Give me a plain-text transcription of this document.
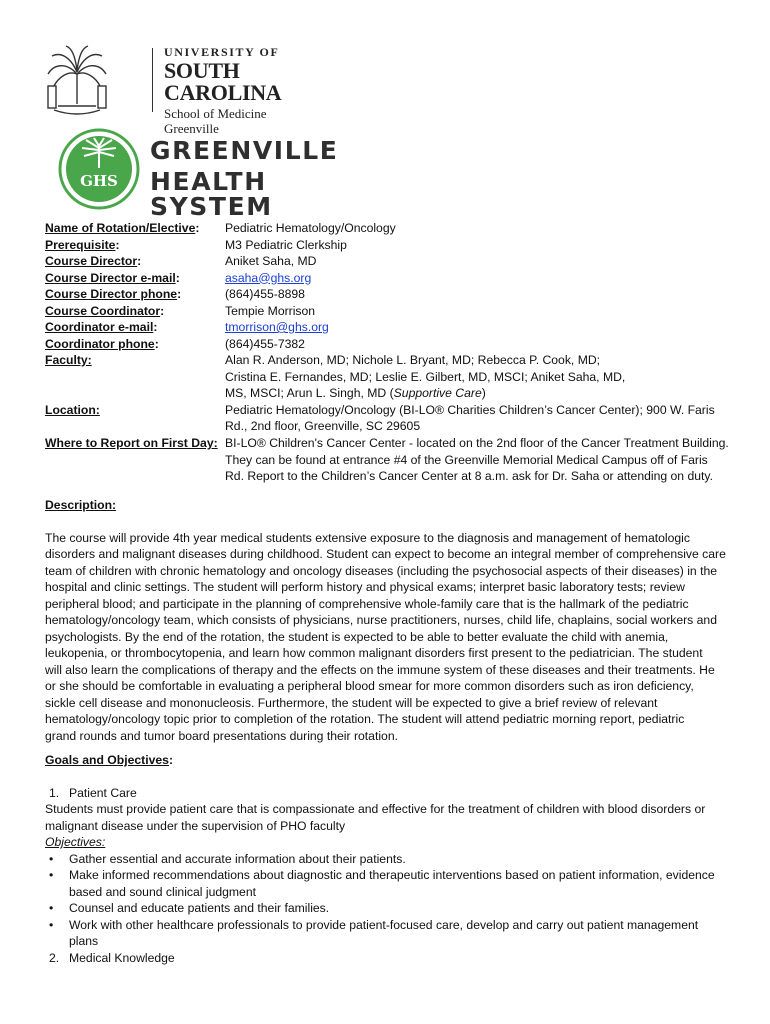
UNIVERSITY OF
SOUTH CAROLINA
School of Medicine
Greenville
GHS
GREENVILLE
HEALTH SYSTEM
Name of Rotation/Elective:	Pediatric Hematology/Oncology
Prerequisite:	M3 Pediatric Clerkship
Course Director:	Aniket Saha, MD
Course Director e-mail:	asaha@ghs.org
Course Director phone:	(864)455-8898
Course Coordinator:	Tempie Morrison
Coordinator e-mail:	tmorrison@ghs.org
Coordinator phone:	(864)455-7382
Faculty:	Alan R. Anderson, MD; Nichole L. Bryant, MD; Rebecca P. Cook, MD;
Cristina E. Fernandes, MD; Leslie E. Gilbert, MD, MSCI; Aniket Saha, MD,
MS, MSCI; Arun L. Singh, MD (Supportive Care)
Location:	Pediatric Hematology/Oncology (BI-LO® Charities Children’s Cancer Center); 900 W. Faris
Rd., 2nd floor, Greenville, SC 29605
Where to Report on First Day: BI-LO® Children's Cancer Center - located on the 2nd floor of the Cancer Treatment Building.
They can be found at entrance #4 of the Greenville Memorial Medical Campus off of Faris
Rd. Report to the Children’s Cancer Center at 8 a.m. ask for Dr. Saha or attending on duty.
Description:
The course will provide 4th year medical students extensive exposure to the diagnosis and management of hematologic
disorders and malignant diseases during childhood. Student can expect to become an integral member of comprehensive care
team of children with chronic hematology and oncology diseases (including the psychosocial aspects of their diseases) in the
hospital and clinic settings. The student will perform history and physical exams; interpret basic laboratory tests; review
peripheral blood; and participate in the planning of comprehensive whole-family care that is the hallmark of the pediatric
hematology/oncology team, which consists of physicians, nurse practitioners, nurses, child life, chaplains, social workers and
psychologists. By the end of the rotation, the student is expected to be able to better evaluate the child with anemia,
leukopenia, or thrombocytopenia, and learn how common malignant disorders first present to the pediatrician. The student
will also learn the complications of therapy and the effects on the immune system of these diseases and their treatments. He
or she should be comfortable in evaluating a peripheral blood smear for more common disorders such as iron deficiency,
sickle cell disease and mononucleosis. Furthermore, the student will be expected to give a brief review of relevant
hematology/oncology topic prior to completion of the rotation. The student will attend pediatric morning report, pediatric
grand rounds and tumor board presentations during their rotation.
Goals and Objectives:
1. Patient Care
Students must provide patient care that is compassionate and effective for the treatment of children with blood disorders or
malignant disease under the supervision of PHO faculty
Objectives:
• Gather essential and accurate information about their patients.
• Make informed recommendations about diagnostic and therapeutic interventions based on patient information, evidence
based and sound clinical judgment
• Counsel and educate patients and their families.
• Work with other healthcare professionals to provide patient-focused care, develop and carry out patient management
plans
2. Medical Knowledge
